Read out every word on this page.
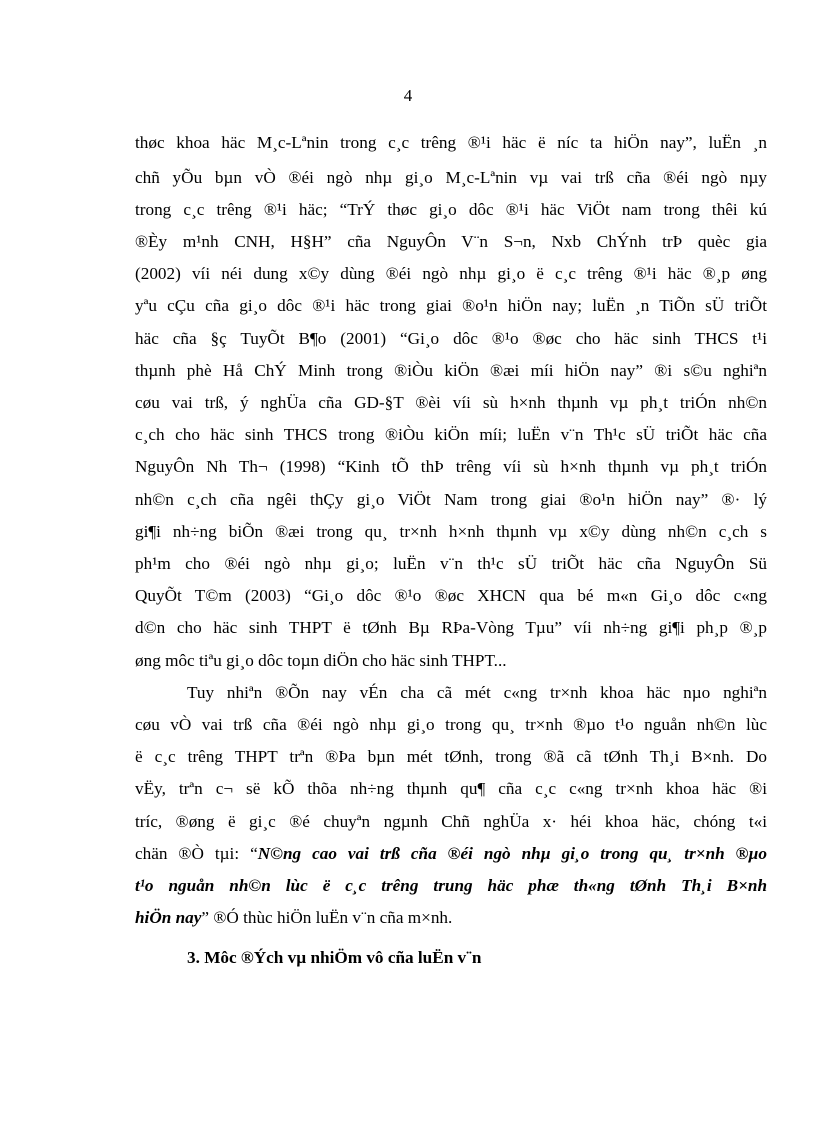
4
thøc khoa häc M¸c-Lªnin trong c¸c trêng ®¹i häc ë níc ta hiÖn nay”, luËn ¸n
chñ yÕu bµn vÒ ®éi ngò nhµ gi¸o M¸c-Lªnin vµ vai trß cña ®éi ngò nµy
trong c¸c trêng ®¹i häc; “TrÝ thøc gi¸o dôc ®¹i häc ViÖt nam trong thêi kú
®Èy m¹nh CNH, H§H” cña NguyÔn V¨n S¬n, Nxb ChÝnh trÞ quèc gia
(2002) víi néi dung x©y dùng ®éi ngò nhµ gi¸o ë c¸c trêng ®¹i häc ®¸p øng
yªu cÇu cña gi¸o dôc ®¹i häc trong giai ®o¹n hiÖn nay; luËn ¸n TiÕn sÜ triÕt
häc cña §ç TuyÕt B¶o (2001) “Gi¸o dôc ®¹o ®øc cho häc sinh THCS t¹i
thµnh phè Hå ChÝ Minh trong ®iÒu kiÖn ®æi míi hiÖn nay” ®i s©u nghiªn
cøu vai trß, ý nghÜa cña GD-§T ®èi víi sù h×nh thµnh vµ ph¸t triÓn nh©n
c¸ch cho häc sinh THCS trong ®iÒu kiÖn míi; luËn v¨n Th¹c sÜ triÕt häc cña
NguyÔn Nh Th¬ (1998) “Kinh tÕ thÞ trêng víi sù h×nh thµnh vµ ph¸t triÓn
nh©n c¸ch cña ngêi thÇy gi¸o ViÖt Nam trong giai ®o¹n hiÖn nay” ®· lý
gi¶i nh÷ng biÕn ®æi trong qu¸ tr×nh h×nh thµnh vµ x©y dùng nh©n c¸ch s
ph¹m cho ®éi ngò nhµ gi¸o; luËn v¨n th¹c sÜ triÕt häc cña NguyÔn Sü
QuyÕt T©m (2003) “Gi¸o dôc ®¹o ®øc XHCN qua bé m«n Gi¸o dôc c«ng
d©n cho häc sinh THPT ë tØnh Bµ RÞa-Vòng Tµu” víi nh÷ng gi¶i ph¸p ®¸p
øng môc tiªu gi¸o dôc toµn diÖn cho häc sinh THPT...
Tuy nhiªn ®Õn nay vÉn cha cã mét c«ng tr×nh khoa häc nµo nghiªn
cøu vÒ vai trß cña ®éi ngò nhµ gi¸o trong qu¸ tr×nh ®µo t¹o nguån nh©n lùc
ë c¸c trêng THPT trªn ®Þa bµn mét tØnh, trong ®ã cã tØnh Th¸i B×nh. Do
vËy, trªn c¬ së kÕ thõa nh÷ng thµnh qu¶ cña c¸c c«ng tr×nh khoa häc ®i
tríc, ®øng ë gi¸c ®é chuyªn ngµnh Chñ nghÜa x· héi khoa häc, chóng t«i
chän ®Ò tµi: “N©ng cao vai trß cña ®éi ngò nhµ gi¸o trong qu¸ tr×nh ®µo
t¹o nguån nh©n lùc ë c¸c trêng trung häc phæ th«ng tØnh Th¸i B×nh
hiÖn nay” ®Ó thùc hiÖn luËn v¨n cña m×nh.
3. Môc ®Ých vµ nhiÖm vô cña luËn v¨n
